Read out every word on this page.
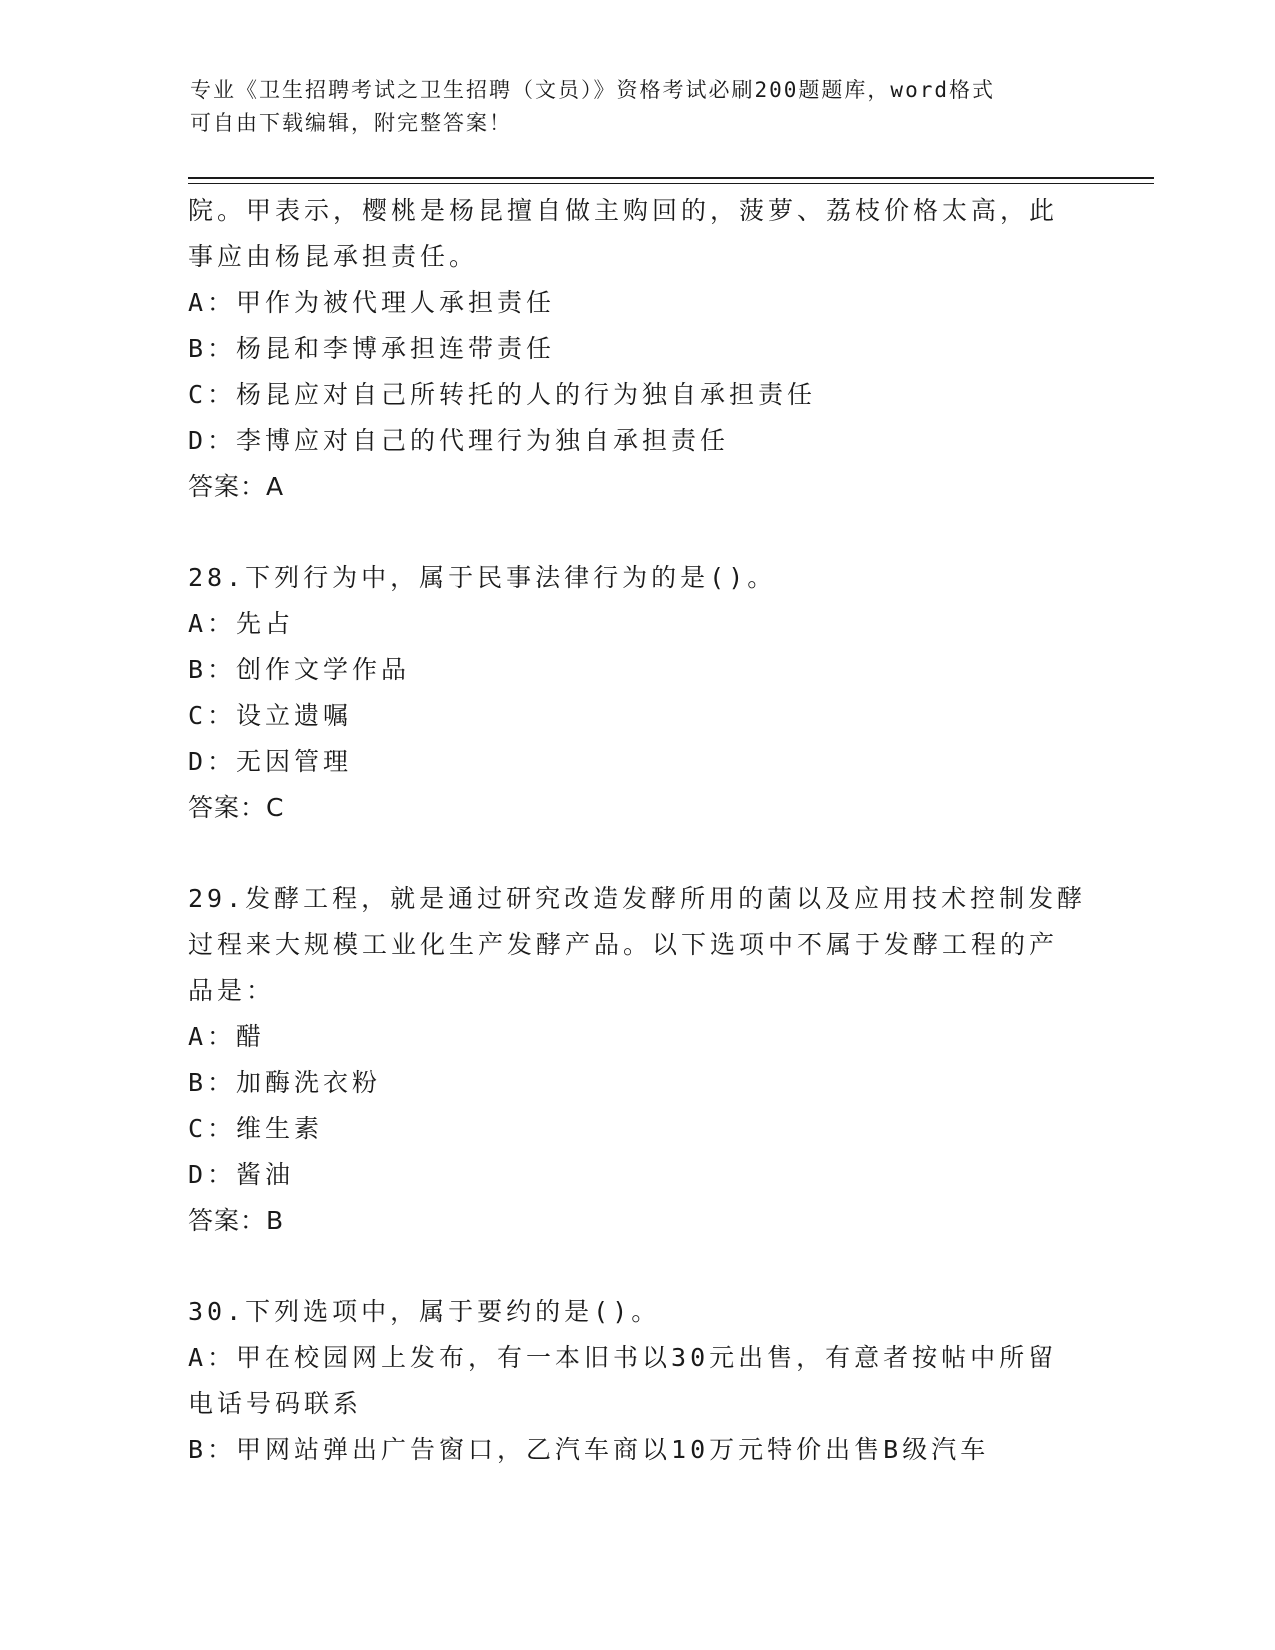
专业《卫生招聘考试之卫生招聘（文员）》资格考试必刷200题题库，word格式
可自由下载编辑，附完整答案！
院。甲表示，樱桃是杨昆擅自做主购回的，菠萝、荔枝价格太高，此
事应由杨昆承担责任。
A：甲作为被代理人承担责任
B：杨昆和李博承担连带责任
C：杨昆应对自己所转托的人的行为独自承担责任
D：李博应对自己的代理行为独自承担责任
答案：A
28.下列行为中，属于民事法律行为的是()。
A：先占
B：创作文学作品
C：设立遗嘱
D：无因管理
答案：C
29.发酵工程，就是通过研究改造发酵所用的菌以及应用技术控制发酵
过程来大规模工业化生产发酵产品。以下选项中不属于发酵工程的产
品是：
A：醋
B：加酶洗衣粉
C：维生素
D：酱油
答案：B
30.下列选项中，属于要约的是()。
A：甲在校园网上发布，有一本旧书以30元出售，有意者按帖中所留
电话号码联系
B：甲网站弹出广告窗口，乙汽车商以10万元特价出售B级汽车
